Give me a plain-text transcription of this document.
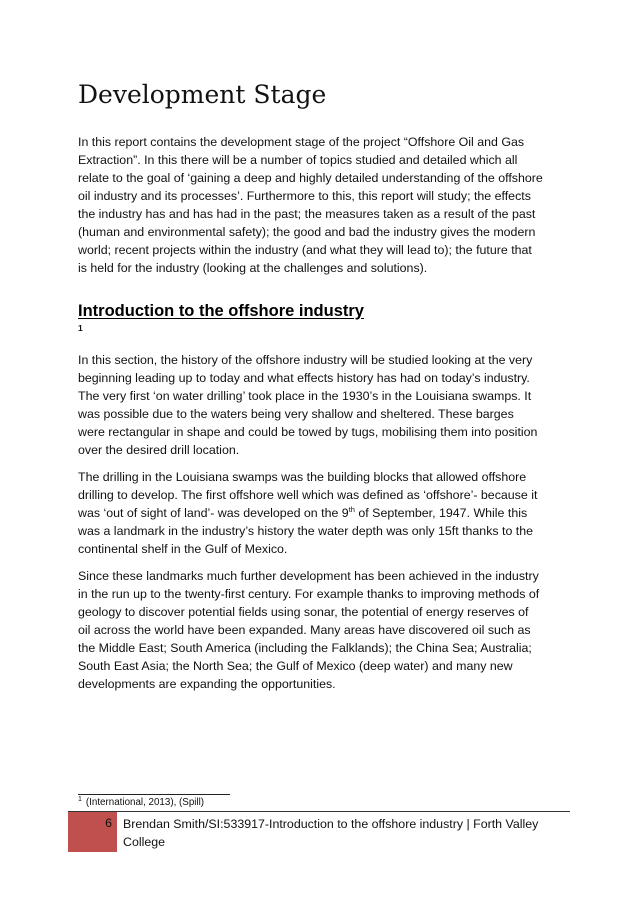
Development Stage
In this report contains the development stage of the project “Offshore Oil and Gas
Extraction”. In this there will be a number of topics studied and detailed which all
relate to the goal of ‘gaining a deep and highly detailed understanding of the offshore
oil industry and its processes’. Furthermore to this, this report will study; the effects
the industry has and has had in the past; the measures taken as a result of the past
(human and environmental safety); the good and bad the industry gives the modern
world; recent projects within the industry (and what they will lead to); the future that
is held for the industry (looking at the challenges and solutions).
Introduction to the offshore industry
1
In this section, the history of the offshore industry will be studied looking at the very
beginning leading up to today and what effects history has had on today’s industry.
The very first ‘on water drilling’ took place in the 1930’s in the Louisiana swamps. It
was possible due to the waters being very shallow and sheltered. These barges
were rectangular in shape and could be towed by tugs, mobilising them into position
over the desired drill location.
The drilling in the Louisiana swamps was the building blocks that allowed offshore
drilling to develop. The first offshore well which was defined as ‘offshore’- because it
was ‘out of sight of land’- was developed on the 9th of September, 1947. While this
was a landmark in the industry’s history the water depth was only 15ft thanks to the
continental shelf in the Gulf of Mexico.
Since these landmarks much further development has been achieved in the industry
in the run up to the twenty-first century. For example thanks to improving methods of
geology to discover potential fields using sonar, the potential of energy reserves of
oil across the world have been expanded. Many areas have discovered oil such as
the Middle East; South America (including the Falklands); the China Sea; Australia;
South East Asia; the North Sea; the Gulf of Mexico (deep water) and many new
developments are expanding the opportunities.
$^1$ (International, 2013), (Spill)
6 Brendan Smith/SI:533917-Introduction to the offshore industry | Forth Valley College
